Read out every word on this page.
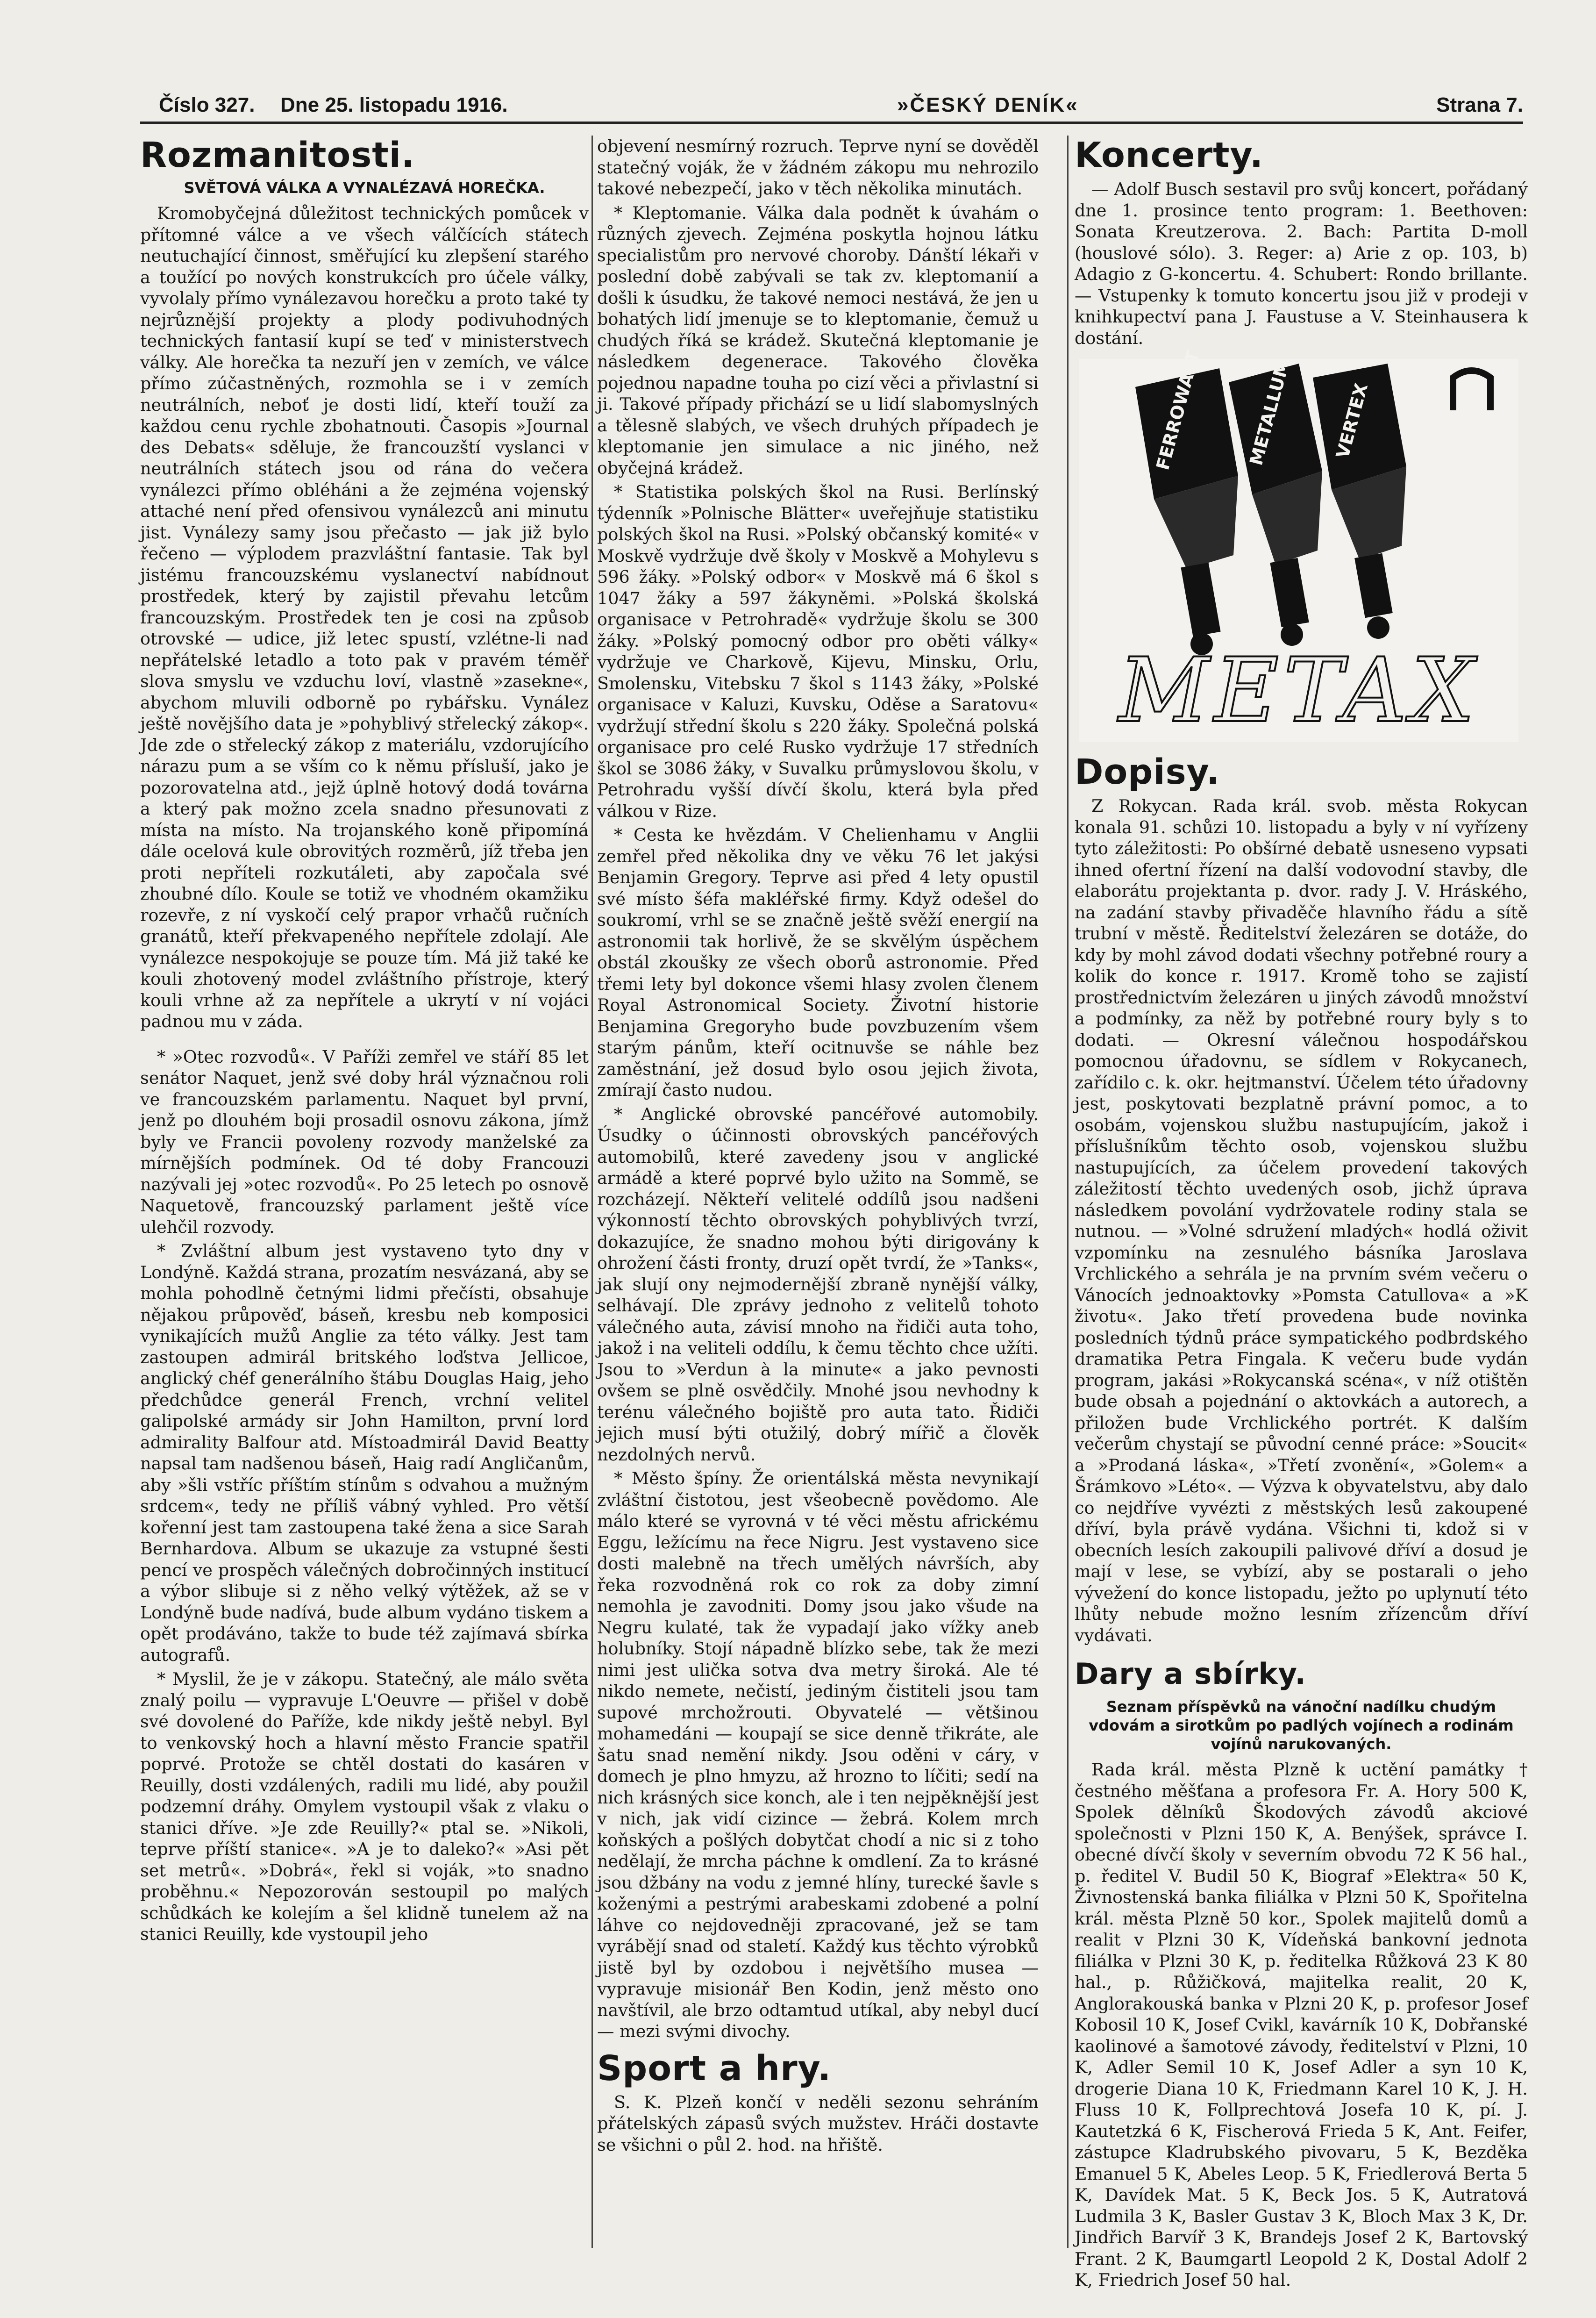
Číslo 327. Dne 25. listopadu 1916.	»ČESKÝ DENÍK«	Strana 7.
Rozmanitosti.
SVĚTOVÁ VÁLKA A VYNALÉZAVÁ HOREČKA.

Kromobyčejná důležitost technických pomůcek v přítomné válce a ve všech válčících státech neutuchající činnost, směřující ku zlepšení starého a toužící po nových konstrukcích pro účele války, vyvolaly přímo vynálezavou horečku a proto také ty nejrůznější projekty a plody podivuhodných technických fantasií kupí se teď v ministerstvech války. Ale horečka ta nezuří jen v zemích, ve válce přímo zúčastněných, rozmohla se i v zemích neutrálních, neboť je dosti lidí, kteří touží za každou cenu rychle zbohatnouti. Časopis »Journal des Debats« sděluje, že francouzští vyslanci v neutrálních státech jsou od rána do večera vynálezci přímo obléháni a že zejména vojenský attaché není před ofensivou vynálezců ani minutu jist. Vynálezy samy jsou přečasto — jak již bylo řečeno — výplodem prazvláštní fantasie. Tak byl jistému francouzskému vyslanectví nabídnout prostředek, který by zajistil převahu letcům francouzským. Prostředek ten je cosi na způsob otrovské — udice, již letec spustí, vzlétne-li nad nepřátelské letadlo a toto pak v pravém téměř slova smyslu ve vzduchu loví, vlastně »zasekne«, abychom mluvili odborně po rybářsku. Vynález ještě novějšího data je »pohyblivý střelecký zákop«. Jde zde o střelecký zákop z materiálu, vzdorujícího nárazu pum a se vším co k němu přísluší, jako je pozorovatelna atd., jejž úplně hotový dodá továrna a který pak možno zcela snadno přesunovati z místa na místo. Na trojanského koně připomíná dále ocelová kule obrovitých rozměrů, jíž třeba jen proti nepříteli rozkutáleti, aby započala své zhoubné dílo. Koule se totiž ve vhodném okamžiku rozevře, z ní vyskočí celý prapor vrhačů ručních granátů, kteří překvapeného nepřítele zdolají. Ale vynálezce nespokojuje se pouze tím. Má již také ke kouli zhotovený model zvláštního přístroje, který kouli vrhne až za nepřítele a ukrytí v ní vojáci padnou mu v záda.

* »Otec rozvodů«. V Paříži zemřel ve stáří 85 let senátor Naquet, jenž své doby hrál význačnou roli ve francouzském parlamentu. Naquet byl první, jenž po dlouhém boji prosadil osnovu zákona, jímž byly ve Francii povoleny rozvody manželské za mírnějších podmínek. Od té doby Francouzi nazývali jej »otec rozvodů«. Po 25 letech po osnově Naquetově, francouzský parlament ještě více ulehčil rozvody.

* Zvláštní album jest vystaveno tyto dny v Londýně. Každá strana, prozatím nesvázaná, aby se mohla pohodlně četnými lidmi přečísti, obsahuje nějakou průpověď, báseň, kresbu neb komposici vynikajících mužů Anglie za této války. Jest tam zastoupen admirál britského loďstva Jellicoe, anglický chéf generálního štábu Douglas Haig, jeho předchůdce generál French, vrchní velitel galipolské armády sir John Hamilton, první lord admirality Balfour atd. Místoadmirál David Beatty napsal tam nadšenou báseň, Haig radí Angličanům, aby »šli vstříc příštím stínům s odvahou a mužným srdcem«, tedy ne příliš vábný vyhled. Pro větší kořenní jest tam zastoupena také žena a sice Sarah Bernhardova. Album se ukazuje za vstupné šesti pencí ve prospěch válečných dobročinných institucí a výbor slibuje si z něho velký výtěžek, až se v Londýně bude nadívá, bude album vydáno tiskem a opět prodáváno, takže to bude též zajímavá sbírka autografů.

* Myslil, že je v zákopu. Statečný, ale málo světa znalý poilu — vypravuje L'Oeuvre — přišel v době své dovolené do Paříže, kde nikdy ještě nebyl. Byl to venkovský hoch a hlavní město Francie spatřil poprvé. Protože se chtěl dostati do kasáren v Reuilly, dosti vzdálených, radili mu lidé, aby použil podzemní dráhy. Omylem vystoupil však z vlaku o stanici dříve. »Je zde Reuilly?« ptal se. »Nikoli, teprve příští stanice«. »A je to daleko?« »Asi pět set metrů«. »Dobrá«, řekl si voják, »to snadno proběhnu.« Nepozorován sestoupil po malých schůdkách ke kolejím a šel klidně tunelem až na stanici Reuilly, kde vystoupil jeho

objevení nesmírný rozruch. Teprve nyní se dověděl statečný voják, že v žádném zákopu mu nehrozilo takové nebezpečí, jako v těch několika minutách.

* Kleptomanie. Válka dala podnět k úvahám o různých zjevech. Zejména poskytla hojnou látku specialistům pro nervové choroby. Dánští lékaři v poslední době zabývali se tak zv. kleptomanií a došli k úsudku, že takové nemoci nestává, že jen u bohatých lidí jmenuje se to kleptomanie, čemuž u chudých říká se krádež. Skutečná kleptomanie je následkem degenerace. Takového člověka pojednou napadne touha po cizí věci a přivlastní si ji. Takové případy přichází se u lidí slabomyslných a tělesně slabých, ve všech druhých případech je kleptomanie jen simulace a nic jiného, než obyčejná krádež.

* Statistika polských škol na Rusi. Berlínský týdenník »Polnische Blätter« uveřejňuje statistiku polských škol na Rusi. »Polský občanský komité« v Moskvě vydržuje dvě školy v Moskvě a Mohylevu s 596 žáky. »Polský odbor« v Moskvě má 6 škol s 1047 žáky a 597 žákyněmi. »Polská školská organisace v Petrohradě« vydržuje školu se 300 žáky. »Polský pomocný odbor pro oběti války« vydržuje ve Charkově, Kijevu, Minsku, Orlu, Smolensku, Vitebsku 7 škol s 1143 žáky, »Polské organisace v Kaluzi, Kuvsku, Oděse a Saratovu« vydržují střední školu s 220 žáky. Společná polská organisace pro celé Rusko vydržuje 17 středních škol se 3086 žáky, v Suvalku průmyslovou školu, v Petrohradu vyšší dívčí školu, která byla před válkou v Rize.

* Cesta ke hvězdám. V Chelienhamu v Anglii zemřel před několika dny ve věku 76 let jakýsi Benjamin Gregory. Teprve asi před 4 lety opustil své místo šéfa makléřské firmy. Když odešel do soukromí, vrhl se se značně ještě svěží energií na astronomii tak horlivě, že se skvělým úspěchem obstál zkoušky ze všech oborů astronomie. Před třemi lety byl dokonce všemi hlasy zvolen členem Royal Astronomical Society. Životní historie Benjamina Gregoryho bude povzbuzením všem starým pánům, kteří ocitnuvše se náhle bez zaměstnání, jež dosud bylo osou jejich života, zmírají často nudou.

* Anglické obrovské pancéřové automobily. Úsudky o účinnosti obrovských pancéřových automobilů, které zavedeny jsou v anglické armádě a které poprvé bylo užito na Sommě, se rozcházejí. Někteří velitelé oddílů jsou nadšeni výkonností těchto obrovských pohyblivých tvrzí, dokazujíce, že snadno mohou býti dirigovány k ohrožení části fronty, druzí opět tvrdí, že »Tanks«, jak slují ony nejmodernější zbraně nynější války, selhávají. Dle zprávy jednoho z velitelů tohoto válečného auta, závisí mnoho na řidiči auta toho, jakož i na veliteli oddílu, k čemu těchto chce užíti. Jsou to »Verdun à la minute« a jako pevnosti ovšem se plně osvědčily. Mnohé jsou nevhodny k terénu válečného bojiště pro auta tato. Řidiči jejich musí býti otužilý, dobrý mířič a člověk nezdolných nervů.

* Město špíny. Že orientálská města nevynikají zvláštní čistotou, jest všeobecně povědomo. Ale málo které se vyrovná v té věci městu africkému Eggu, ležícímu na řece Nigru. Jest vystaveno sice dosti malebně na třech umělých návrších, aby řeka rozvodněná rok co rok za doby zimní nemohla je zavodniti. Domy jsou jako všude na Negru kulaté, tak že vypadají jako vížky aneb holubníky. Stojí nápadně blízko sebe, tak že mezi nimi jest ulička sotva dva metry široká. Ale té nikdo nemete, nečistí, jediným čistiteli jsou tam supové mrchožrouti. Obyvatelé — většinou mohamedáni — koupají se sice denně třikráte, ale šatu snad nemění nikdy. Jsou oděni v cáry, v domech je plno hmyzu, až hrozno to líčiti; sedí na nich krásných sice konch, ale i ten nejpěknější jest v nich, jak vidí cizince — žebrá. Kolem mrch koňských a pošlých dobytčat chodí a nic si z toho nedělají, že mrcha páchne k omdlení. Za to krásné jsou džbány na vodu z jemné hlíny, turecké šavle s koženými a pestrými arabeskami zdobené a polní láhve co nejdovedněji zpracované, jež se tam vyrábějí snad od staletí. Každý kus těchto výrobků jistě byl by ozdobou i největšího musea — vypravuje misionář Ben Kodin, jenž město ono navštívil, ale brzo odtamtud utíkal, aby nebyl ducí — mezi svými divochy.

Sport a hry.

S. K. Plzeň končí v neděli sezonu sehráním přátelských zápasů svých mužstev. Hráči dostavte se všichni o půl 2. hod. na hřiště.

Koncerty.

— Adolf Busch sestavil pro svůj koncert, pořádaný dne 1. prosince tento program: 1. Beethoven: Sonata Kreutzerova. 2. Bach: Partita D-moll (houslové sólo). 3. Reger: a) Arie z op. 103, b) Adagio z G-koncertu. 4. Schubert: Rondo brillante. — Vstupenky k tomuto koncertu jsou již v prodeji v knihkupectví pana J. Faustuse a V. Steinhausera k dostání.

FERROWATT METALLUM VERTEX
METAX
Dopisy.

Z Rokycan. Rada král. svob. města Rokycan konala 91. schůzi 10. listopadu a byly v ní vyřízeny tyto záležitosti: Po obšírné debatě usneseno vypsati ihned ofertní řízení na další vodovodní stavby, dle elaborátu projektanta p. dvor. rady J. V. Hráského, na zadání stavby přivaděče hlavního řádu a sítě trubní v městě. Ředitelství železáren se dotáže, do kdy by mohl závod dodati všechny potřebné roury a kolik do konce r. 1917. Kromě toho se zajistí prostřednictvím železáren u jiných závodů množství a podmínky, za něž by potřebné roury byly s to dodati. — Okresní válečnou hospodářskou pomocnou úřadovnu, se sídlem v Rokycanech, zařídilo c. k. okr. hejtmanství. Účelem této úřadovny jest, poskytovati bezplatně právní pomoc, a to osobám, vojenskou službu nastupujícím, jakož i příslušníkům těchto osob, vojenskou službu nastupujících, za účelem provedení takových záležitostí těchto uvedených osob, jichž úprava následkem povolání vydržovatele rodiny stala se nutnou. — »Volné sdružení mladých« hodlá oživit vzpomínku na zesnulého básníka Jaroslava Vrchlického a sehrála je na prvním svém večeru o Vánocích jednoaktovky »Pomsta Catullova« a »K životu«. Jako třetí provedena bude novinka posledních týdnů práce sympatického podbrdského dramatika Petra Fingala. K večeru bude vydán program, jakási »Rokycanská scéna«, v níž otištěn bude obsah a pojednání o aktovkách a autorech, a přiložen bude Vrchlického portrét. K dalším večerům chystají se původní cenné práce: »Soucit« a »Prodaná láska«, »Třetí zvonění«, »Golem« a Šrámkovo »Léto«. — Výzva k obyvatelstvu, aby dalo co nejdříve vyvézti z městských lesů zakoupené dříví, byla právě vydána. Všichni ti, kdož si v obecních lesích zakoupili palivové dříví a dosud je mají v lese, se vybízí, aby se postarali o jeho vývežení do konce listopadu, ježto po uplynutí této lhůty nebude možno lesním zřízencům dříví vydávati.

Dary a sbírky.
Seznam příspěvků na vánoční nadílku chudým vdovám a sirotkům po padlých vojínech a rodinám vojínů narukovaných.

Rada král. města Plzně k uctění památky † čestného měšťana a profesora Fr. A. Hory 500 K, Spolek dělníků Škodových závodů akciové společnosti v Plzni 150 K, A. Benýšek, správce I. obecné dívčí školy v severním obvodu 72 K 56 hal., p. ředitel V. Budil 50 K, Biograf »Elektra« 50 K, Živnostenská banka filiálka v Plzni 50 K, Spořitelna král. města Plzně 50 kor., Spolek majitelů domů a realit v Plzni 30 K, Vídeňská bankovní jednota filiálka v Plzni 30 K, p. ředitelka Růžková 23 K 80 hal., p. Růžičková, majitelka realit, 20 K, Anglorakouská banka v Plzni 20 K, p. profesor Josef Kobosil 10 K, Josef Cvikl, kavárník 10 K, Dobřanské kaolinové a šamotové závody, ředitelství v Plzni, 10 K, Adler Semil 10 K, Josef Adler a syn 10 K, drogerie Diana 10 K, Friedmann Karel 10 K, J. H. Fluss 10 K, Follprechtová Josefa 10 K, pí. J. Kautetzká 6 K, Fischerová Frieda 5 K, Ant. Feifer, zástupce Kladrubského pivovaru, 5 K, Bezděka Emanuel 5 K, Abeles Leop. 5 K, Friedlerová Berta 5 K, Davídek Mat. 5 K, Beck Jos. 5 K, Autratová Ludmila 3 K, Basler Gustav 3 K, Bloch Max 3 K, Dr. Jindřich Barvíř 3 K, Brandejs Josef 2 K, Bartovský Frant. 2 K, Baumgartl Leopold 2 K, Dostal Adolf 2 K, Friedrich Josef 50 hal.
